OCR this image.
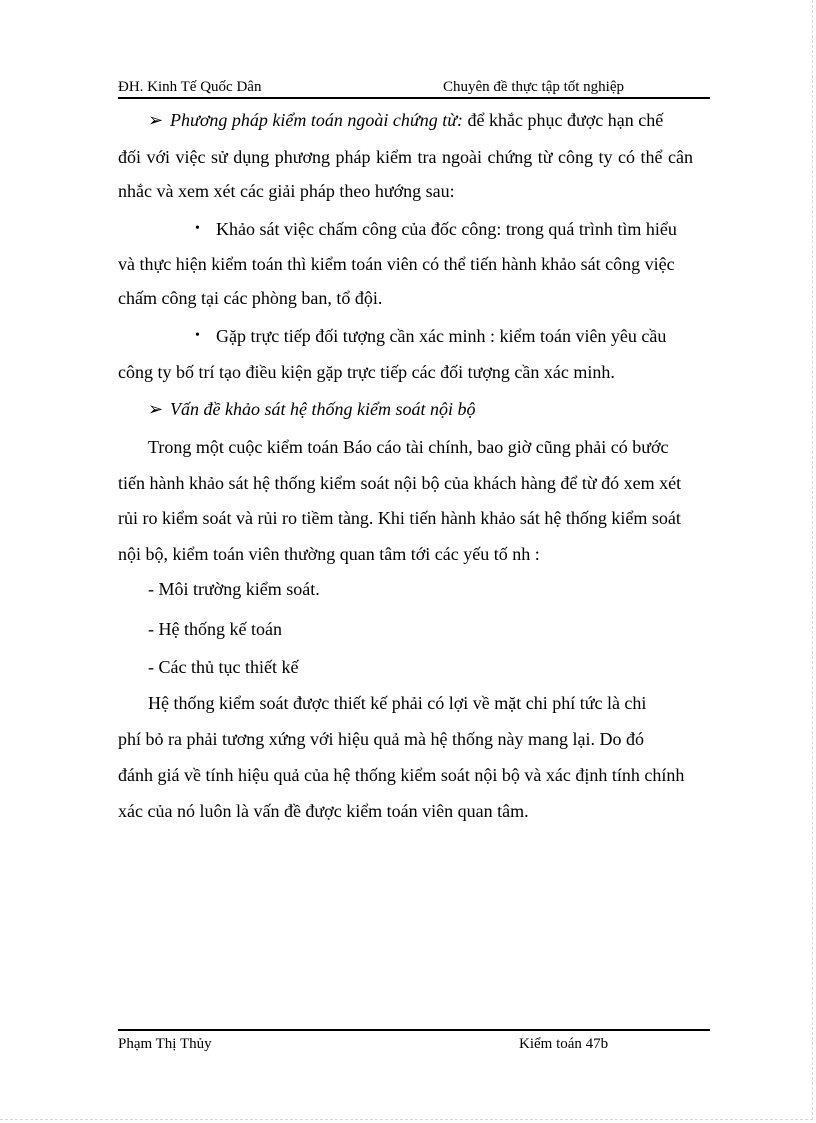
ĐH. Kinh Tế Quốc Dân	Chuyên đề thực tập tốt nghiệp
➢ Phương pháp kiểm toán ngoài chứng từ: để khắc phục được hạn chế
đối với việc sử dụng phương pháp kiểm tra ngoài chứng từ công ty có thể cân
nhắc và xem xét các giải pháp theo hướng sau:
• Khảo sát việc chấm công của đốc công: trong quá trình tìm hiểu
và thực hiện kiểm toán thì kiểm toán viên có thể tiến hành khảo sát công việc
chấm công tại các phòng ban, tổ đội.
• Gặp trực tiếp đối tượng cần xác minh : kiểm toán viên yêu cầu
công ty bố trí tạo điều kiện gặp trực tiếp các đối tượng cần xác minh.
➢ Vấn đề khảo sát hệ thống kiểm soát nội bộ
Trong một cuộc kiểm toán Báo cáo tài chính, bao giờ cũng phải có bước
tiến hành khảo sát hệ thống kiểm soát nội bộ của khách hàng để từ đó xem xét
rủi ro kiểm soát và rủi ro tiềm tàng. Khi tiến hành khảo sát hệ thống kiểm soát
nội bộ, kiểm toán viên thường quan tâm tới các yếu tố nh :
- Môi trường kiểm soát.
- Hệ thống kế toán
- Các thủ tục thiết kế
Hệ thống kiểm soát được thiết kế phải có lợi về mặt chi phí tức là chi
phí bỏ ra phải tương xứng với hiệu quả mà hệ thống này mang lại. Do đó
đánh giá về tính hiệu quả của hệ thống kiểm soát nội bộ và xác định tính chính
xác của nó luôn là vấn đề được kiểm toán viên quan tâm.
Phạm Thị Thủy	Kiểm toán 47b
